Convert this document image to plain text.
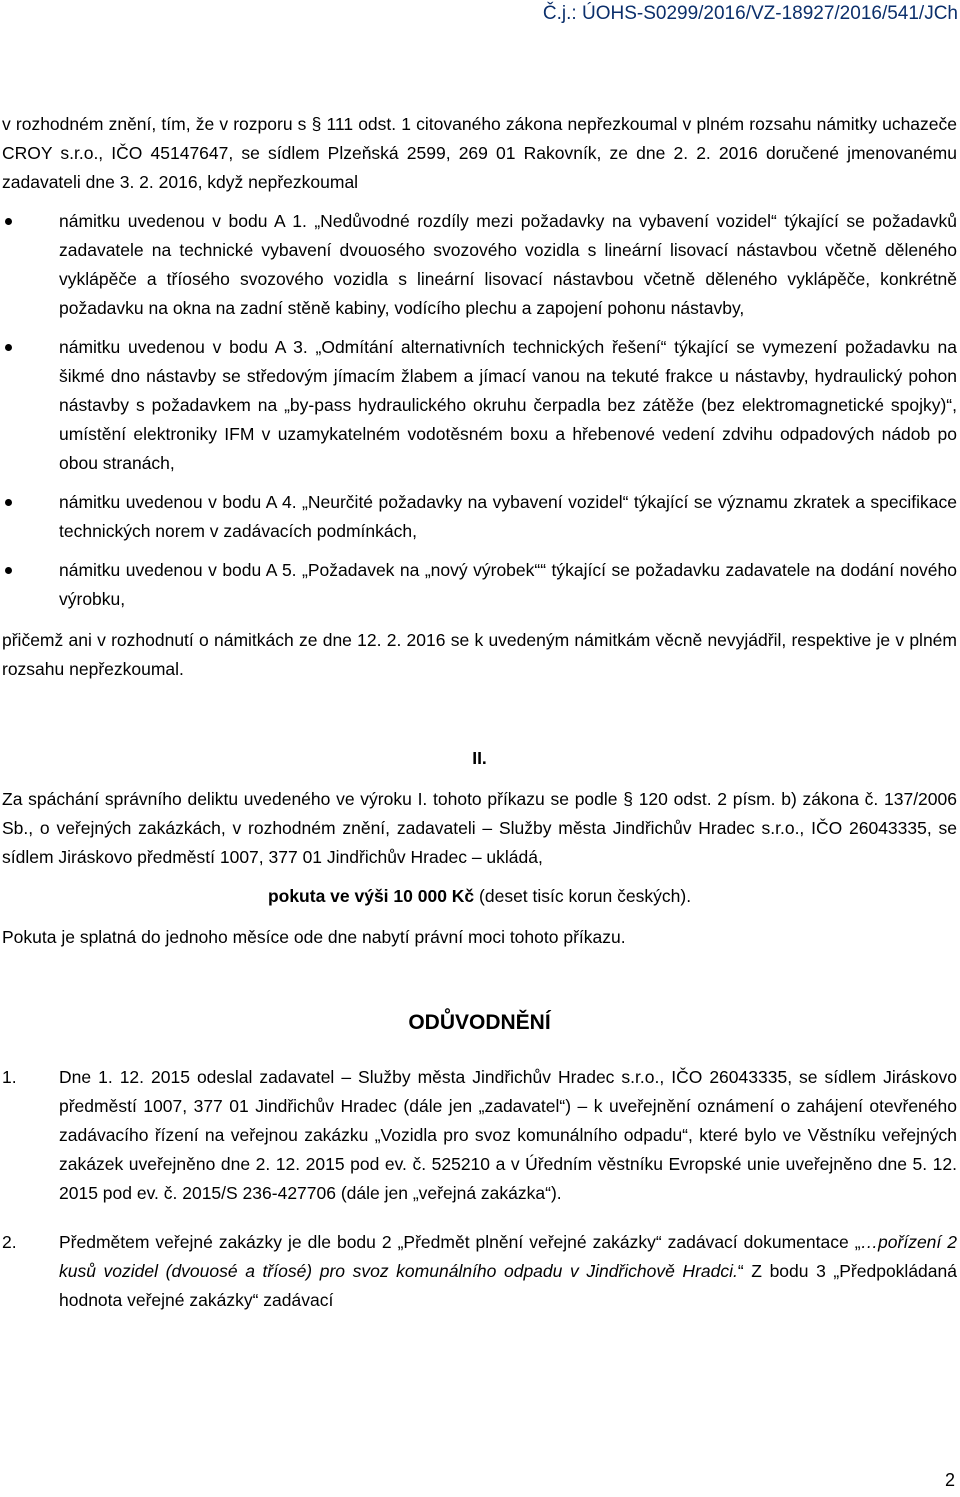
Č.j.: ÚOHS-S0299/2016/VZ-18927/2016/541/JCh

v rozhodném znění, tím, že v rozporu s § 111 odst. 1 citovaného zákona nepřezkoumal v plném rozsahu námitky uchazeče CROY s.r.o., IČO 45147647, se sídlem Plzeňská 2599, 269 01 Rakovník, ze dne 2. 2. 2016 doručené jmenovanému zadavateli dne 3. 2. 2016, když nepřezkoumal

námitku uvedenou v bodu A 1. „Nedůvodné rozdíly mezi požadavky na vybavení vozidel“ týkající se požadavků zadavatele na technické vybavení dvouosého svozového vozidla s lineární lisovací nástavbou včetně děleného vyklápěče a tříosého svozového vozidla s lineární lisovací nástavbou včetně děleného vyklápěče, konkrétně požadavku na okna na zadní stěně kabiny, vodícího plechu a zapojení pohonu nástavby,
námitku uvedenou v bodu A 3. „Odmítání alternativních technických řešení“ týkající se vymezení požadavku na šikmé dno nástavby se středovým jímacím žlabem a jímací vanou na tekuté frakce u nástavby, hydraulický pohon nástavby s požadavkem na „by-pass hydraulického okruhu čerpadla bez zátěže (bez elektromagnetické spojky)“, umístění elektroniky IFM v uzamykatelném vodotěsném boxu a hřebenové vedení zdvihu odpadových nádob po obou stranách,
námitku uvedenou v bodu A 4. „Neurčité požadavky na vybavení vozidel“ týkající se významu zkratek a specifikace technických norem v zadávacích podmínkách,
námitku uvedenou v bodu A 5. „Požadavek na „nový výrobek““ týkající se požadavku zadavatele na dodání nového výrobku,

přičemž ani v rozhodnutí o námitkách ze dne 12. 2. 2016 se k uvedeným námitkám věcně nevyjádřil, respektive je v plném rozsahu nepřezkoumal.

II.

Za spáchání správního deliktu uvedeného ve výroku I. tohoto příkazu se podle § 120 odst. 2 písm. b) zákona č. 137/2006 Sb., o veřejných zakázkách, v rozhodném znění, zadavateli – Služby města Jindřichův Hradec s.r.o., IČO 26043335, se sídlem Jiráskovo předměstí 1007, 377 01 Jindřichův Hradec – ukládá,

pokuta ve výši 10 000 Kč (deset tisíc korun českých).

Pokuta je splatná do jednoho měsíce ode dne nabytí právní moci tohoto příkazu.

ODŮVODNĚNÍ
1. Dne 1. 12. 2015 odeslal zadavatel – Služby města Jindřichův Hradec s.r.o., IČO 26043335, se sídlem Jiráskovo předměstí 1007, 377 01 Jindřichův Hradec (dále jen „zadavatel“) – k uveřejnění oznámení o zahájení otevřeného zadávacího řízení na veřejnou zakázku „Vozidla pro svoz komunálního odpadu“, které bylo ve Věstníku veřejných zakázek uveřejněno dne 2. 12. 2015 pod ev. č. 525210 a v Úředním věstníku Evropské unie uveřejněno dne 5. 12. 2015 pod ev. č. 2015/S 236-427706 (dále jen „veřejná zakázka“).
2. Předmětem veřejné zakázky je dle bodu 2 „Předmět plnění veřejné zakázky“ zadávací dokumentace „…pořízení 2 kusů vozidel (dvouosé a tříosé) pro svoz komunálního odpadu v Jindřichově Hradci.“ Z bodu 3 „Předpokládaná hodnota veřejné zakázky“ zadávací
2
